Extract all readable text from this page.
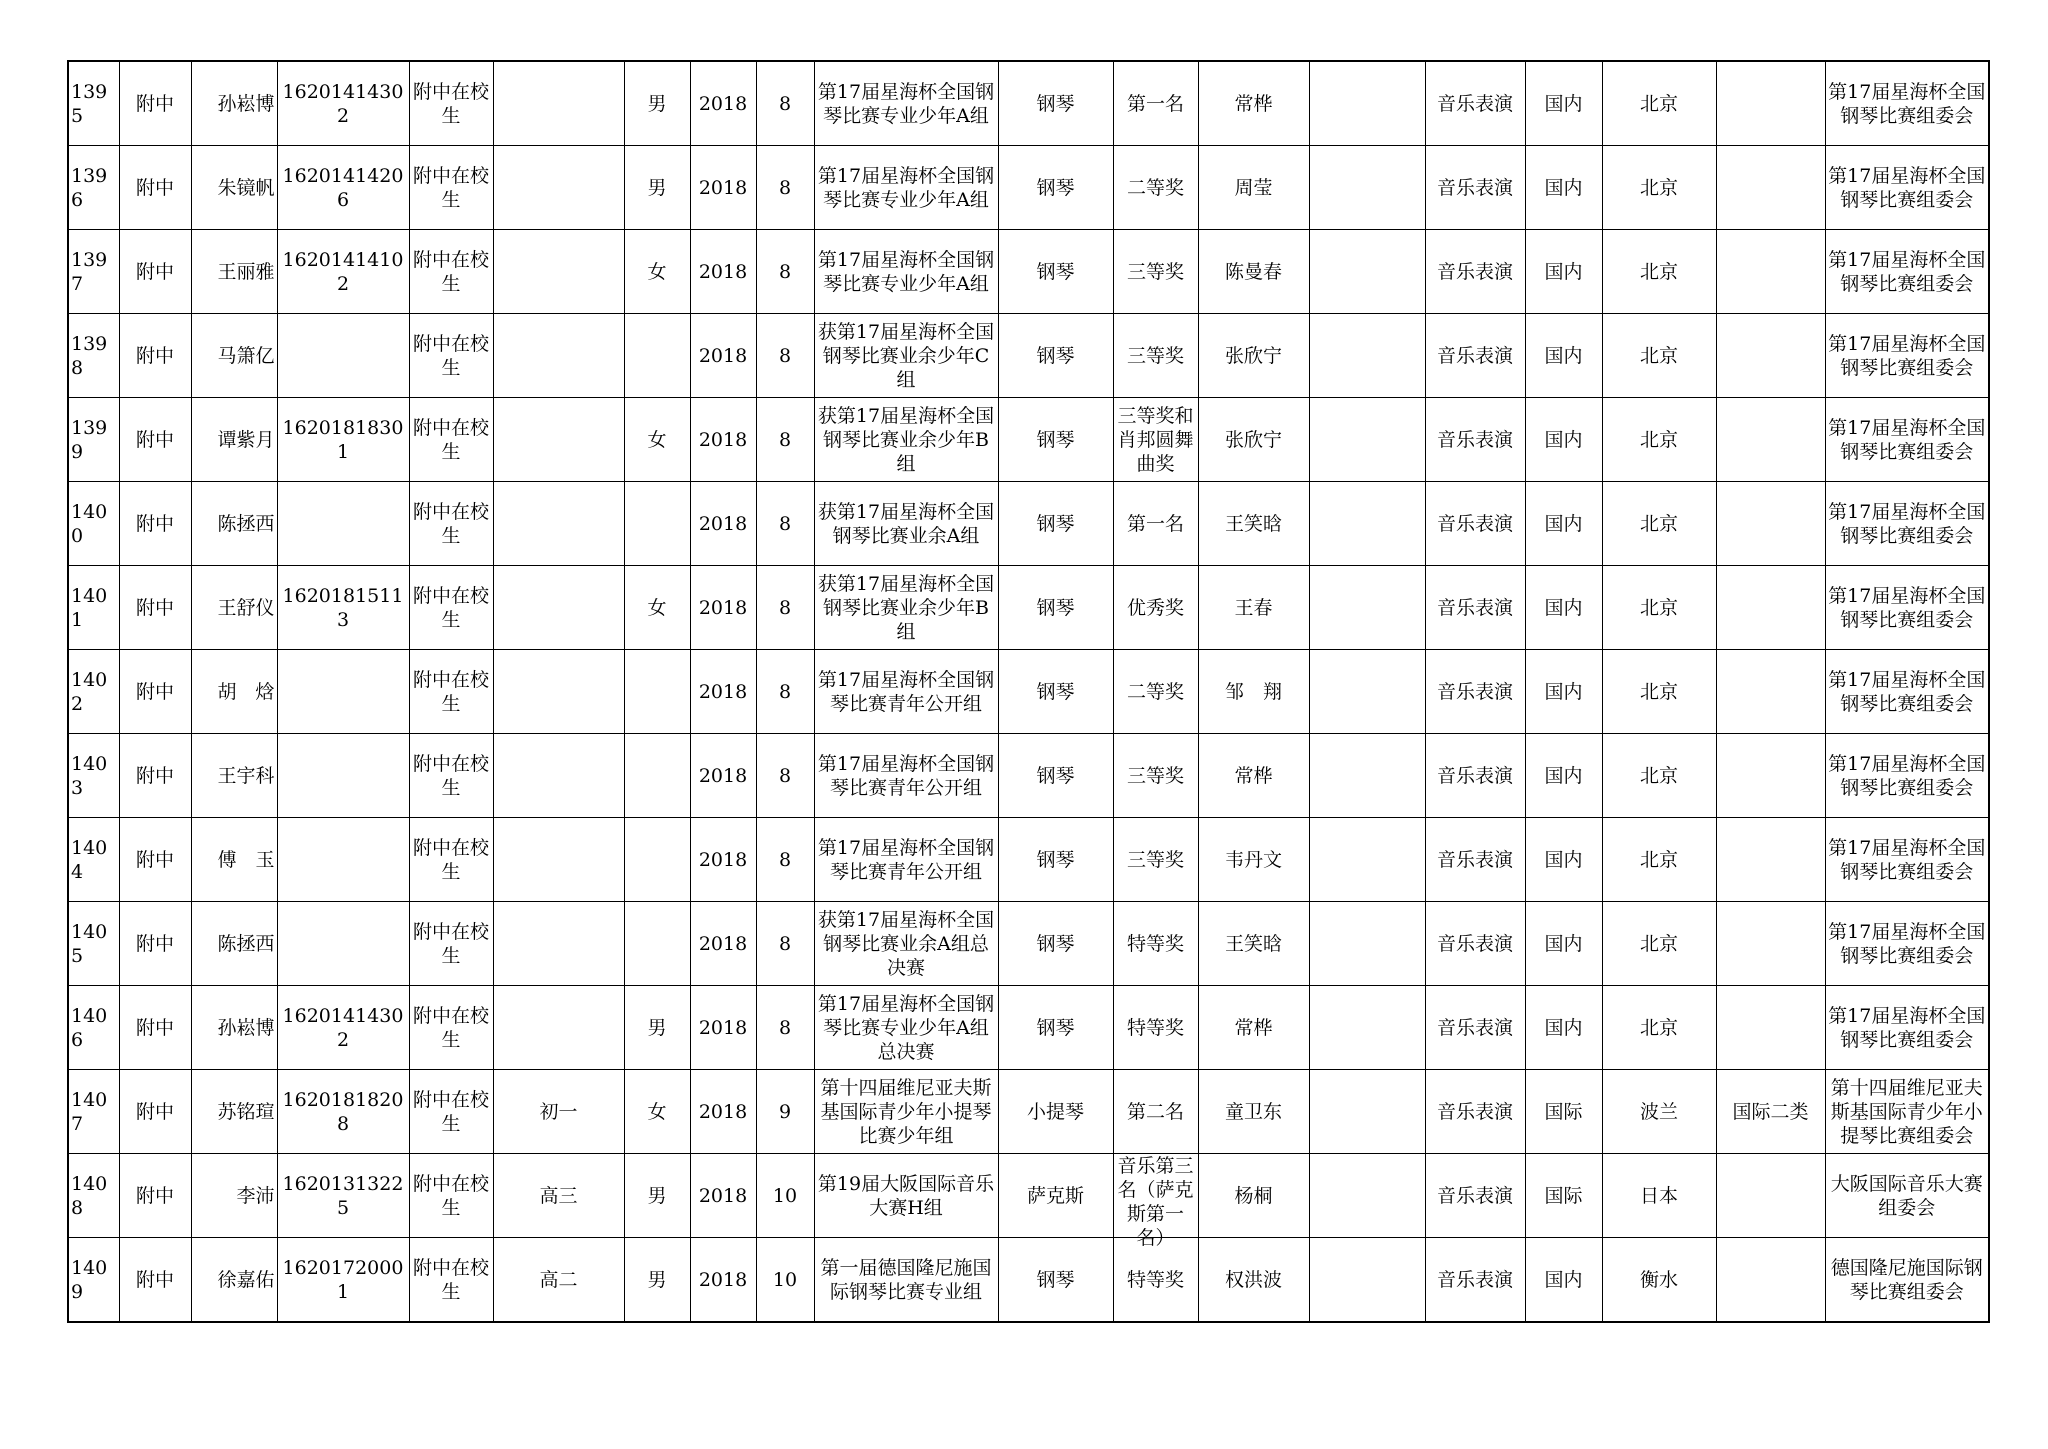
1395	附中	孙崧博	16201414302	附中在校生		男	2018	8	第17届星海杯全国钢琴比赛专业少年A组	钢琴	第一名	常桦		音乐表演	国内	北京		第17届星海杯全国钢琴比赛组委会

1396	附中	朱镜帆	16201414206	附中在校生		男	2018	8	第17届星海杯全国钢琴比赛专业少年A组	钢琴	二等奖	周莹		音乐表演	国内	北京		第17届星海杯全国钢琴比赛组委会

1397	附中	王丽雅	16201414102	附中在校生		女	2018	8	第17届星海杯全国钢琴比赛专业少年A组	钢琴	三等奖	陈曼春		音乐表演	国内	北京		第17届星海杯全国钢琴比赛组委会

1398	附中	马箫亿		附中在校生			2018	8	获第17届星海杯全国钢琴比赛业余少年C组	钢琴	三等奖	张欣宁		音乐表演	国内	北京		第17届星海杯全国钢琴比赛组委会

1399	附中	谭紫月	16201818301	附中在校生		女	2018	8	获第17届星海杯全国钢琴比赛业余少年B组	钢琴	三等奖和肖邦圆舞曲奖	张欣宁		音乐表演	国内	北京		第17届星海杯全国钢琴比赛组委会

1400	附中	陈拯西		附中在校生			2018	8	获第17届星海杯全国钢琴比赛业余A组	钢琴	第一名	王笑晗		音乐表演	国内	北京		第17届星海杯全国钢琴比赛组委会

1401	附中	王舒仪	16201815113	附中在校生		女	2018	8	获第17届星海杯全国钢琴比赛业余少年B组	钢琴	优秀奖	王春		音乐表演	国内	北京		第17届星海杯全国钢琴比赛组委会

1402	附中	胡　焓		附中在校生			2018	8	第17届星海杯全国钢琴比赛青年公开组	钢琴	二等奖	邹　翔		音乐表演	国内	北京		第17届星海杯全国钢琴比赛组委会

1403	附中	王宇科		附中在校生			2018	8	第17届星海杯全国钢琴比赛青年公开组	钢琴	三等奖	常桦		音乐表演	国内	北京		第17届星海杯全国钢琴比赛组委会

1404	附中	傅　玉		附中在校生			2018	8	第17届星海杯全国钢琴比赛青年公开组	钢琴	三等奖	韦丹文		音乐表演	国内	北京		第17届星海杯全国钢琴比赛组委会

1405	附中	陈拯西		附中在校生			2018	8	获第17届星海杯全国钢琴比赛业余A组总决赛	钢琴	特等奖	王笑晗		音乐表演	国内	北京		第17届星海杯全国钢琴比赛组委会

1406	附中	孙崧博	16201414302	附中在校生		男	2018	8	第17届星海杯全国钢琴比赛专业少年A组总决赛	钢琴	特等奖	常桦		音乐表演	国内	北京		第17届星海杯全国钢琴比赛组委会

1407	附中	苏铭瑄	16201818208	附中在校生	初一	女	2018	9	第十四届维尼亚夫斯基国际青少年小提琴比赛少年组	小提琴	第二名	童卫东		音乐表演	国际	波兰	国际二类	第十四届维尼亚夫斯基国际青少年小提琴比赛组委会

1408	附中	李沛	16201313225	附中在校生	高三	男	2018	10	第19届大阪国际音乐大赛H组	萨克斯	音乐第三名（萨克斯第一名）	杨桐		音乐表演	国际	日本		大阪国际音乐大赛组委会

1409	附中	徐嘉佑	16201720001	附中在校生	高二	男	2018	10	第一届德国隆尼施国际钢琴比赛专业组	钢琴	特等奖	权洪波		音乐表演	国内	衡水		德国隆尼施国际钢琴比赛组委会
